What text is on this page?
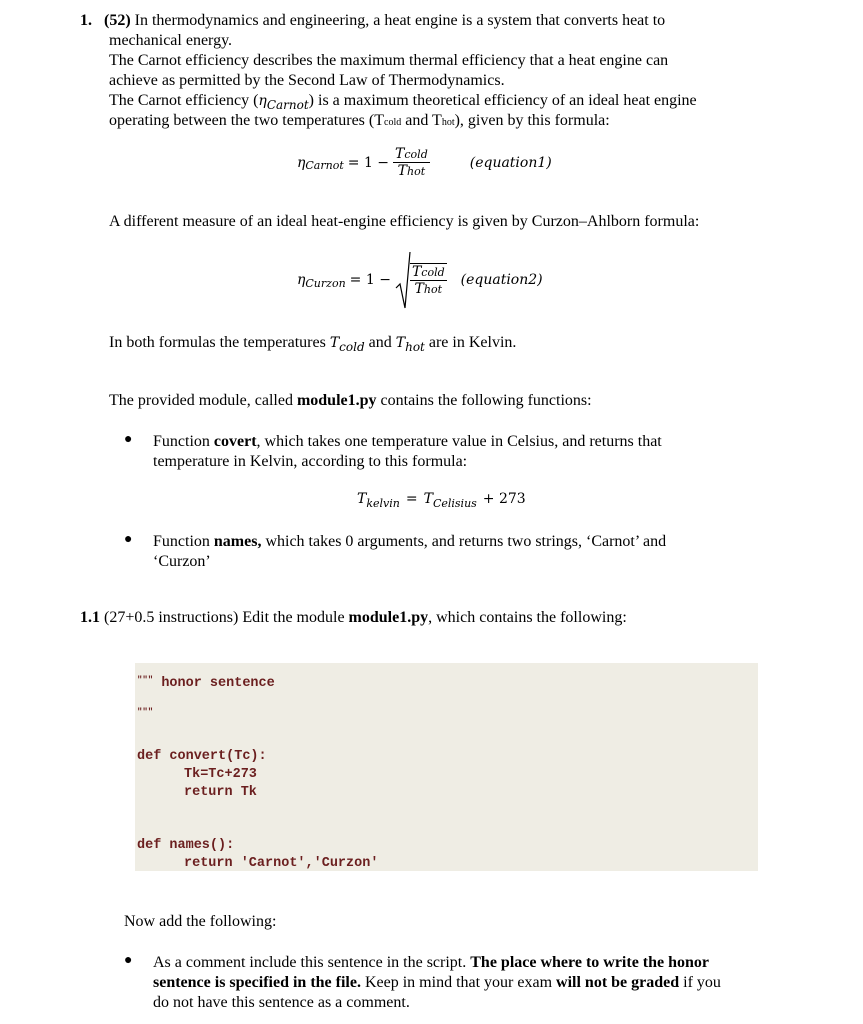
1. (52) In thermodynamics and engineering, a heat engine is a system that converts heat to
mechanical energy.
The Carnot efficiency describes the maximum thermal efficiency that a heat engine can
achieve as permitted by the Second Law of Thermodynamics.
The Carnot efficiency $(\eta_{Carnot})$ is a maximum theoretical efficiency of an ideal heat engine
operating between the two temperatures (Tcold and Thot), given by this formula:
η Carnot = $1 - \frac{\text{Tcold}}{\text{Thot}}$	(equation1)
A different measure of an ideal heat-engine efficiency is given by Curzon–Ahlborn formula:
η Curzon = $1 - \frac{\text{Tcold}}{\text{Thot}}$ (equation2)
In both formulas the temperatures $T_{cold}$ and $T_{hot}$ are in Kelvin.
The provided module, called module1.py contains the following functions:
● Function covert, which takes one temperature value in Celsius, and returns that
temperature in Kelvin, according to this formula:
T kelvin = T Celisius + 273
● Function names, which takes 0 arguments, and returns two strings, ‘Carnot’ and
‘Curzon’
1.1 (27+0.5 instructions) Edit the module module1.py, which contains the following:
""" honor sentence
"""
def convert(Tc):
Tk=Tc+273
return Tk
def names():
return 'Carnot','Curzon'
Now add the following:
● As a comment include this sentence in the script. The place where to write the honor
sentence is specified in the file. Keep in mind that your exam will not be graded if you
do not have this sentence as a comment.
